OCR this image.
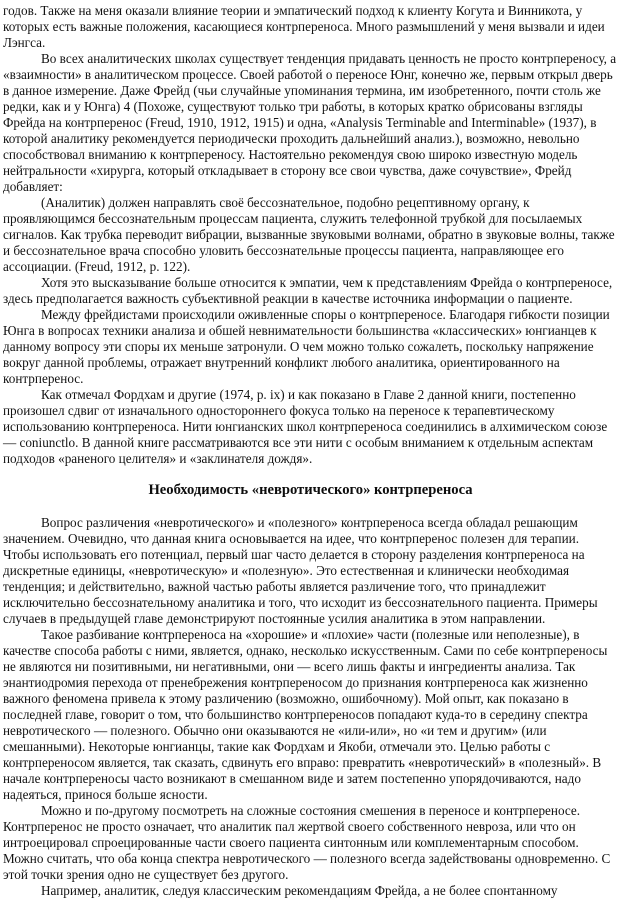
годов. Также на меня оказали влияние теории и эмпатический подход к клиенту Когута и Винникота, у которых есть важные положения, касающиеся контрпереноса. Много размышлений у меня вызвали и идеи Лэнгса.

Во всех аналитических школах существует тенденция придавать ценность не просто контрпереносу, а «взаимности» в аналитическом процессе. Своей работой о переносе Юнг, конечно же, первым открыл дверь в данное измерение. Даже Фрейд (чьи случайные упоминания термина, им изобретенного, почти столь же редки, как и у Юнга) 4 (Похоже, существуют только три работы, в которых кратко обрисованы взгляды Фрейда на контрперенос (Freud, 1910, 1912, 1915) и одна, «Analysis Terminable and Interminable» (1937), в которой аналитику рекомендуется периодически проходить дальнейший анализ.), возможно, невольно способствовал вниманию к контрпереносу. Настоятельно рекомендуя свою широко известную модель нейтральности «хирурга, который откладывает в сторону все свои чувства, даже сочувствие», Фрейд добавляет:

(Аналитик) должен направлять своё бессознательное, подобно рецептивному органу, к проявляющимся бессознательным процессам пациента, служить телефонной трубкой для посылаемых сигналов. Как трубка переводит вибрации, вызванные звуковыми волнами, обратно в звуковые волны, также и бессознательное врача способно уловить бессознательные процессы пациента, направляющее его ассоциации. (Freud, 1912, p. 122).

Хотя это высказывание больше относится к эмпатии, чем к представлениям Фрейда о контрпереносе, здесь предполагается важность субъективной реакции в качестве источника информации о пациенте.

Между фрейдистами происходили оживленные споры о контрпереносе. Благодаря гибкости позиции Юнга в вопросах техники анализа и обшей невнимательности большинства «классических» юнгианцев к данному вопросу эти споры их меньше затронули. О чем можно только сожалеть, поскольку напряжение вокруг данной проблемы, отражает внутренний конфликт любого аналитика, ориентированного на контрперенос.

Как отмечал Фордхам и другие (1974, p. ix) и как показано в Главе 2 данной книги, постепенно произошел сдвиг от изначального одностороннего фокуса только на переносе к терапевтическому использованию контрпереноса. Нити юнгианских школ контрпереноса соединились в алхимическом союзе — coniunctlo. В данной книге рассматриваются все эти нити с особым вниманием к отдельным аспектам подходов «раненого целителя» и «заклинателя дождя».

Необходимость «невротического» контрпереноса

Вопрос различения «невротического» и «полезного» контрпереноса всегда обладал решающим значением. Очевидно, что данная книга основывается на идее, что контрперенос полезен для терапии. Чтобы использовать его потенциал, первый шаг часто делается в сторону разделения контрпереноса на дискретные единицы, «невротическую» и «полезную». Это естественная и клинически необходимая тенденция; и действительно, важной частью работы является различение того, что принадлежит исключительно бессознательному аналитика и того, что исходит из бессознательного пациента. Примеры случаев в предыдущей главе демонстрируют постоянные усилия аналитика в этом направлении.

Такое разбивание контрпереноса на «хорошие» и «плохие» части (полезные или неполезные), в качестве способа работы с ними, является, однако, несколько искусственным. Сами по себе контрпереносы не являются ни позитивными, ни негативными, они — всего лишь факты и ингредиенты анализа. Так энантиодромия перехода от пренебрежения контрпереносом до признания контрпереноса как жизненно важного феномена привела к этому различению (возможно, ошибочному). Мой опыт, как показано в последней главе, говорит о том, что большинство контрпереносов попадают куда-то в середину спектра невротического — полезного. Обычно они оказываются не «или-или», но «и тем и другим» (или смешанными). Некоторые юнгианцы, такие как Фордхам и Якоби, отмечали это. Целью работы с контрпереносом является, так сказать, сдвинуть его вправо: превратить «невротический» в «полезный». В начале контрпереносы часто возникают в смешанном виде и затем постепенно упорядочиваются, надо надеяться, принося больше ясности.

Можно и по-другому посмотреть на сложные состояния смешения в переносе и контрпереносе. Контрперенос не просто означает, что аналитик пал жертвой своего собственного невроза, или что он интроецировал спроецированные части своего пациента синтонным или комплементарным способом. Можно считать, что оба конца спектра невротического — полезного всегда задействованы одновременно. С этой точки зрения одно не существует без другого.

Например, аналитик, следуя классическим рекомендациям Фрейда, а не более спонтанному
